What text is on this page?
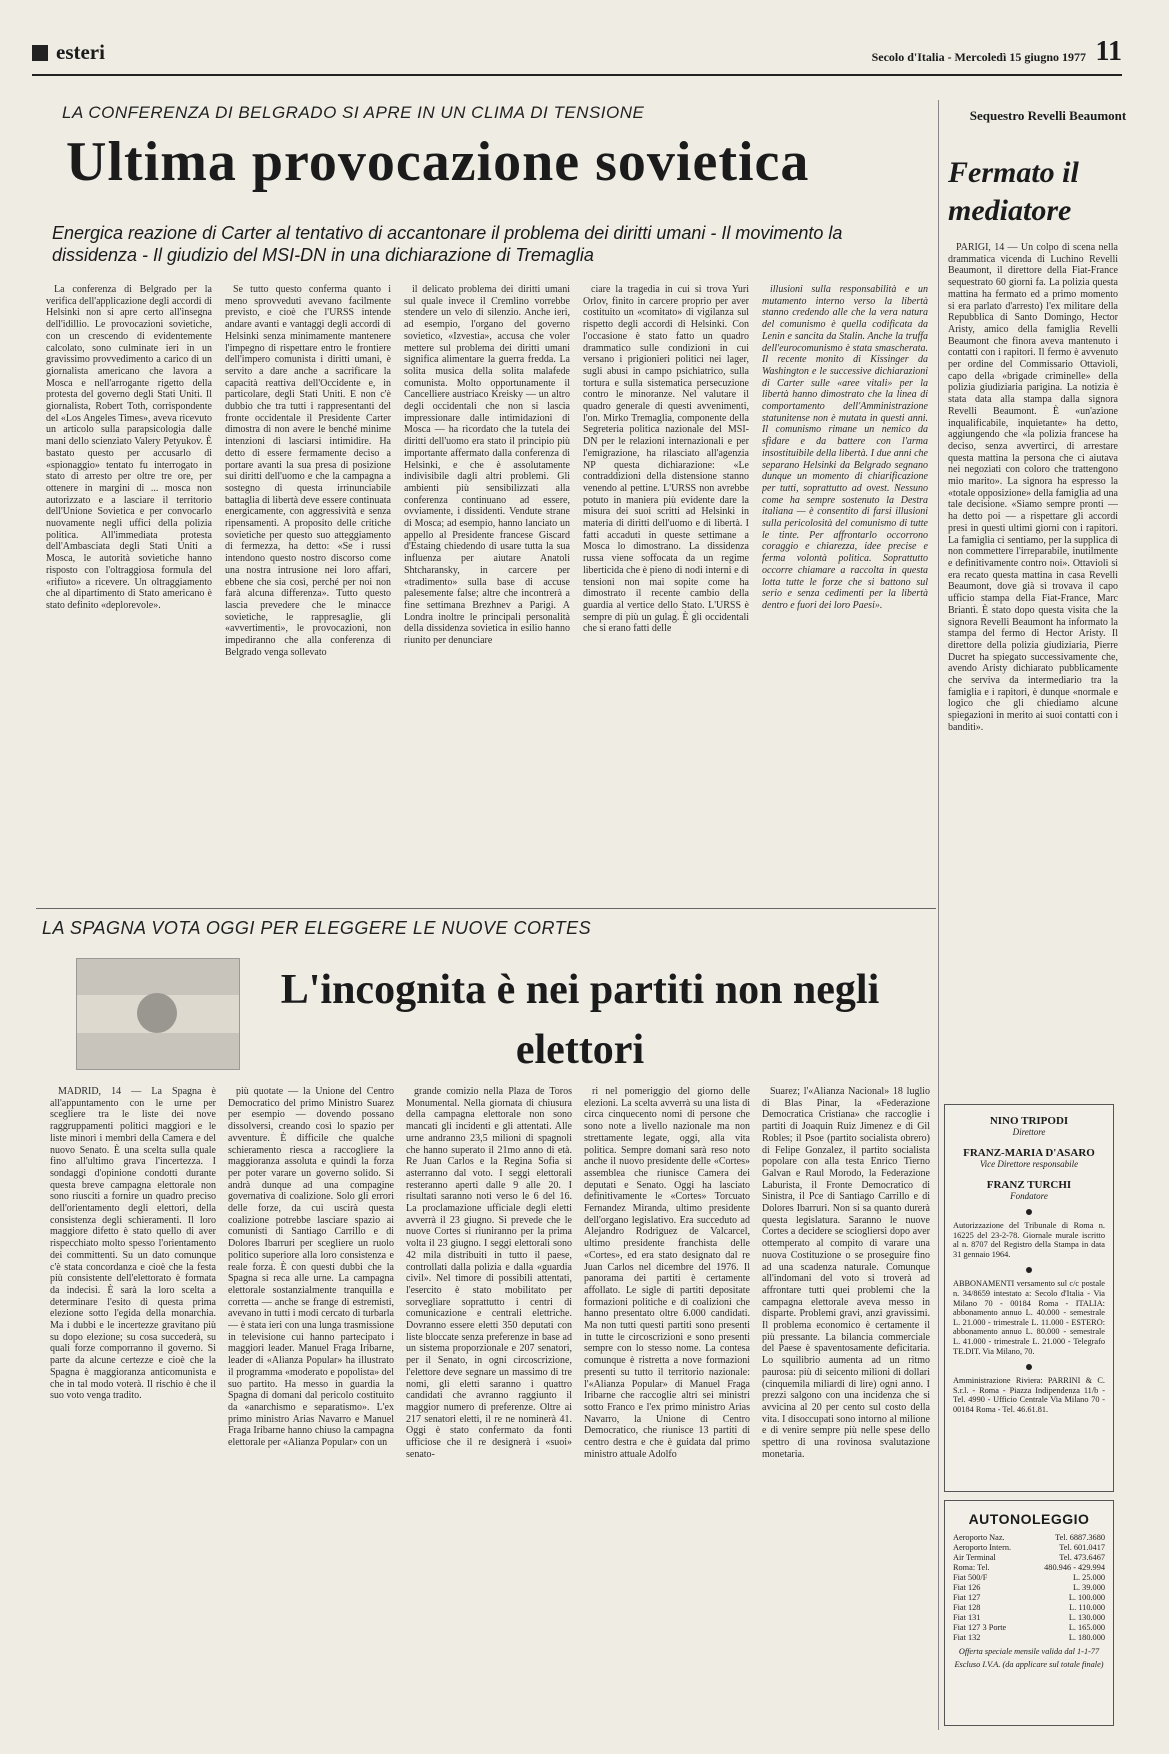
esteri	Secolo d'Italia - Mercoledì 15 giugno 1977 11
LA CONFERENZA DI BELGRADO SI APRE IN UN CLIMA DI TENSIONE
Ultima provocazione sovietica
Energica reazione di Carter al tentativo di accantonare il problema dei diritti umani - Il movimento la dissidenza - Il giudizio del MSI-DN in una dichiarazione di Tremaglia

La conferenza di Belgrado per la verifica dell'applicazione degli accordi di Helsinki non si apre certo all'insegna dell'idillio. Le provocazioni sovietiche, con un crescendo di evidentemente calcolato, sono culminate ieri in un gravissimo provvedimento a carico di un giornalista americano che lavora a Mosca e nell'arrogante rigetto della protesta del governo degli Stati Uniti. Il giornalista, Robert Toth, corrispondente del «Los Angeles Times», aveva ricevuto un articolo sulla parapsicologia dalle mani dello scienziato Valery Petyukov. È bastato questo per accusarlo di «spionaggio» tentato fu interrogato in stato di arresto per oltre tre ore, per ottenere in margini di ... mosca non autorizzato e a lasciare il territorio dell'Unione Sovietica e per convocarlo nuovamente negli uffici della polizia politica. All'immediata protesta dell'Ambasciata degli Stati Uniti a Mosca, le autorità sovietiche hanno risposto con l'oltraggiosa formula del «rifiuto» a ricevere. Un oltraggiamento che al dipartimento di Stato americano è stato definito «deplorevole».

Se tutto questo conferma quanto i meno sprovveduti avevano facilmente previsto, e cioè che l'URSS intende andare avanti e vantaggi degli accordi di Helsinki senza minimamente mantenere l'impegno di rispettare entro le frontiere dell'impero comunista i diritti umani, è servito a dare anche a sacrificare la capacità reattiva dell'Occidente e, in particolare, degli Stati Uniti. E non c'è dubbio che tra tutti i rappresentanti del fronte occidentale il Presidente Carter dimostra di non avere le benché minime intenzioni di lasciarsi intimidire. Ha detto di essere fermamente deciso a portare avanti la sua presa di posizione sui diritti dell'uomo e che la campagna a sostegno di questa irrinunciabile battaglia di libertà deve essere continuata energicamente, con aggressività e senza ripensamenti. A proposito delle critiche sovietiche per questo suo atteggiamento di fermezza, ha detto: «Se i russi intendono questo nostro discorso come una nostra intrusione nei loro affari, ebbene che sia così, perché per noi non farà alcuna differenza». Tutto questo lascia prevedere che le minacce sovietiche, le rappresaglie, gli «avvertimenti», le provocazioni, non impediranno che alla conferenza di Belgrado venga sollevato

il delicato problema dei diritti umani sul quale invece il Cremlino vorrebbe stendere un velo di silenzio. Anche ieri, ad esempio, l'organo del governo sovietico, «Izvestia», accusa che voler mettere sul problema dei diritti umani significa alimentare la guerra fredda. La solita musica della solita malafede comunista. Molto opportunamente il Cancelliere austriaco Kreisky — un altro degli occidentali che non si lascia impressionare dalle intimidazioni di Mosca — ha ricordato che la tutela dei diritti dell'uomo era stato il principio più importante affermato dalla conferenza di Helsinki, e che è assolutamente indivisibile dagli altri problemi. Gli ambienti più sensibilizzati alla conferenza continuano ad essere, ovviamente, i dissidenti. Vendute strane di Mosca; ad esempio, hanno lanciato un appello al Presidente francese Giscard d'Estaing chiedendo di usare tutta la sua influenza per aiutare Anatoli Shtcharansky, in carcere per «tradimento» sulla base di accuse palesemente false; altre che incontrerà a fine settimana Brezhnev a Parigi. A Londra inoltre le principali personalità della dissidenza sovietica in esilio hanno riunito per denunciare

ciare la tragedia in cui si trova Yuri Orlov, finito in carcere proprio per aver costituito un «comitato» di vigilanza sul rispetto degli accordi di Helsinki. Con l'occasione è stato fatto un quadro drammatico sulle condizioni in cui versano i prigionieri politici nei lager, sugli abusi in campo psichiatrico, sulla tortura e sulla sistematica persecuzione contro le minoranze. Nel valutare il quadro generale di questi avvenimenti, l'on. Mirko Tremaglia, componente della Segreteria politica nazionale del MSI-DN per le relazioni internazionali e per l'emigrazione, ha rilasciato all'agenzia NP questa dichiarazione: «Le contraddizioni della distensione stanno venendo al pettine. L'URSS non avrebbe potuto in maniera più evidente dare la misura dei suoi scritti ad Helsinki in materia di diritti dell'uomo e di libertà. I fatti accaduti in queste settimane a Mosca lo dimostrano. La dissidenza russa viene soffocata da un regime liberticida che è pieno di nodi interni e di tensioni non mai sopite come ha dimostrato il recente cambio della guardia al vertice dello Stato. L'URSS è sempre di più un gulag. È gli occidentali che si erano fatti delle

illusioni sulla responsabilità e un mutamento interno verso la libertà stanno credendo alle che la vera natura del comunismo è quella codificata da Lenin e sancita da Stalin. Anche la truffa dell'eurocomunismo è stata smascherata. Il recente monito di Kissinger da Washington e le successive dichiarazioni di Carter sulle «aree vitali» per la libertà hanno dimostrato che la linea di comportamento dell'Amministrazione statunitense non è mutata in questi anni. Il comunismo rimane un nemico da sfidare e da battere con l'arma insostituibile della libertà. I due anni che separano Helsinki da Belgrado segnano dunque un momento di chiarificazione per tutti, soprattutto ad ovest. Nessuno come ha sempre sostenuto la Destra italiana — è consentito di farsi illusioni sulla pericolosità del comunismo di tutte le tinte. Per affrontarlo occorrono coraggio e chiarezza, idee precise e ferma volontà politica. Soprattutto occorre chiamare a raccolta in questa lotta tutte le forze che si battono sul serio e senza cedimenti per la libertà dentro e fuori dei loro Paesi».

Sequestro Revelli Beaumont
Fermato il mediatore

PARIGI, 14 — Un colpo di scena nella drammatica vicenda di Luchino Revelli Beaumont, il direttore della Fiat-France sequestrato 60 giorni fa. La polizia questa mattina ha fermato ed a primo momento si era parlato d'arresto) l'ex militare della Repubblica di Santo Domingo, Hector Aristy, amico della famiglia Revelli Beaumont che finora aveva mantenuto i contatti con i rapitori. Il fermo è avvenuto per ordine del Commissario Ottavioli, capo della «brigade criminelle» della polizia giudiziaria parigina. La notizia è stata data alla stampa dalla signora Revelli Beaumont. È «un'azione inqualificabile, inquietante» ha detto, aggiungendo che «la polizia francese ha deciso, senza avvertirci, di arrestare questa mattina la persona che ci aiutava nei negoziati con coloro che trattengono mio marito». La signora ha espresso la «totale opposizione» della famiglia ad una tale decisione. «Siamo sempre pronti — ha detto poi — a rispettare gli accordi presi in questi ultimi giorni con i rapitori. La famiglia ci sentiamo, per la supplica di non commettere l'irreparabile, inutilmente e definitivamente contro noi». Ottavioli si era recato questa mattina in casa Revelli Beaumont, dove già si trovava il capo ufficio stampa della Fiat-France, Marc Briantì. È stato dopo questa visita che la signora Revelli Beaumont ha informato la stampa del fermo di Hector Aristy. Il direttore della polizia giudiziaria, Pierre Ducret ha spiegato successivamente che, avendo Aristy dichiarato pubblicamente che serviva da intermediario tra la famiglia e i rapitori, è dunque «normale e logico che gli chiediamo alcune spiegazioni in merito ai suoi contatti con i banditi».

LA SPAGNA VOTA OGGI PER ELEGGERE LE NUOVE CORTES
L'incognita è nei partiti non negli elettori

MADRID, 14 — La Spagna è all'appuntamento con le urne per scegliere tra le liste dei nove raggruppamenti politici maggiori e le liste minori i membri della Camera e del nuovo Senato. È una scelta sulla quale fino all'ultimo grava l'incertezza. I sondaggi d'opinione condotti durante questa breve campagna elettorale non sono riusciti a fornire un quadro preciso dell'orientamento degli elettori, della consistenza degli schieramenti. Il loro maggiore difetto è stato quello di aver rispecchiato molto spesso l'orientamento dei committenti. Su un dato comunque c'è stata concordanza e cioè che la festa più consistente dell'elettorato è formata da indecisi. È sarà la loro scelta a determinare l'esito di questa prima elezione sotto l'egida della monarchia. Ma i dubbi e le incertezze gravitano più su dopo elezione; su cosa succederà, su quali forze comporranno il governo. Si parte da alcune certezze e cioè che la Spagna è maggioranza anticomunista e che in tal modo voterà. Il rischio è che il suo voto venga tradito.

più quotate — la Unione del Centro Democratico del primo Ministro Suarez per esempio — dovendo possano dissolversi, creando così lo spazio per avventure. È difficile che qualche schieramento riesca a raccogliere la maggioranza assoluta e quindi la forza per poter varare un governo solido. Si andrà dunque ad una compagine governativa di coalizione. Solo gli errori delle forze, da cui uscirà questa coalizione potrebbe lasciare spazio ai comunisti di Santiago Carrillo e di Dolores Ibarruri per scegliere un ruolo politico superiore alla loro consistenza e reale forza. È con questi dubbi che la Spagna si reca alle urne. La campagna elettorale sostanzialmente tranquilla e corretta — anche se frange di estremisti, avevano in tutti i modi cercato di turbarla — è stata ieri con una lunga trasmissione in televisione cui hanno partecipato i maggiori leader. Manuel Fraga Iribarne, leader di «Alianza Popular» ha illustrato il programma «moderato e popolista» del suo partito. Ha messo in guardia la Spagna di domani dal pericolo costituito da «anarchismo e separatismo». L'ex primo ministro Arias Navarro e Manuel Fraga Iribarne hanno chiuso la campagna elettorale per «Alianza Popular» con un

grande comizio nella Plaza de Toros Monumental. Nella giornata di chiusura della campagna elettorale non sono mancati gli incidenti e gli attentati. Alle urne andranno 23,5 milioni di spagnoli che hanno superato il 21mo anno di età. Re Juan Carlos e la Regina Sofia si asterranno dal voto. I seggi elettorali resteranno aperti dalle 9 alle 20. I risultati saranno noti verso le 6 del 16. La proclamazione ufficiale degli eletti avverrà il 23 giugno. Si prevede che le nuove Cortes si riuniranno per la prima volta il 23 giugno. I seggi elettorali sono 42 mila distribuiti in tutto il paese, controllati dalla polizia e dalla «guardia civil». Nel timore di possibili attentati, l'esercito è stato mobilitato per sorvegliare soprattutto i centri di comunicazione e centrali elettriche. Dovranno essere eletti 350 deputati con liste bloccate senza preferenze in base ad un sistema proporzionale e 207 senatori, per il Senato, in ogni circoscrizione, l'elettore deve segnare un massimo di tre nomi, gli eletti saranno i quattro candidati che avranno raggiunto il maggior numero di preferenze. Oltre ai 217 senatori eletti, il re ne nominerà 41. Oggi è stato confermato da fonti ufficiose che il re designerà i «suoi» senato-

ri nel pomeriggio del giorno delle elezioni. La scelta avverrà su una lista di circa cinquecento nomi di persone che sono note a livello nazionale ma non strettamente legate, oggi, alla vita politica. Sempre domani sarà reso noto anche il nuovo presidente delle «Cortes» assemblea che riunisce Camera dei deputati e Senato. Oggi ha lasciato definitivamente le «Cortes» Torcuato Fernandez Miranda, ultimo presidente dell'organo legislativo. Era succeduto ad Alejandro Rodriguez de Valcarcel, ultimo presidente franchista delle «Cortes», ed era stato designato dal re Juan Carlos nel dicembre del 1976. Il panorama dei partiti è certamente affollato. Le sigle di partiti depositate formazioni politiche e di coalizioni che hanno presentato oltre 6.000 candidati. Ma non tutti questi partiti sono presenti in tutte le circoscrizioni e sono presenti sempre con lo stesso nome. La contesa comunque è ristretta a nove formazioni presenti su tutto il territorio nazionale: l'«Alianza Popular» di Manuel Fraga Iribarne che raccoglie altri sei ministri sotto Franco e l'ex primo ministro Arias Navarro, la Unione di Centro Democratico, che riunisce 13 partiti di centro destra e che è guidata dal primo ministro attuale Adolfo

Suarez; l'«Alianza Nacional» 18 luglio di Blas Pinar, la «Federazione Democratica Cristiana» che raccoglie i partiti di Joaquin Ruiz Jimenez e di Gil Robles; il Psoe (partito socialista obrero) di Felipe Gonzalez, il partito socialista popolare con alla testa Enrico Tierno Galvan e Raul Morodo, la Federazione Laburista, il Fronte Democratico di Sinistra, il Pce di Santiago Carrillo e di Dolores Ibarruri. Non si sa quanto durerà questa legislatura. Saranno le nuove Cortes a decidere se sciogliersi dopo aver ottemperato al compito di varare una nuova Costituzione o se proseguire fino ad una scadenza naturale. Comunque all'indomani del voto si troverà ad affrontare tutti quei problemi che la campagna elettorale aveva messo in disparte. Problemi gravi, anzi gravissimi. Il problema economico è certamente il più pressante. La bilancia commerciale del Paese è spaventosamente deficitaria. Lo squilibrio aumenta ad un ritmo paurosa: più di seicento milioni di dollari (cinquemila miliardi di lire) ogni anno. I prezzi salgono con una incidenza che si avvicina al 20 per cento sul costo della vita. I disoccupati sono intorno al milione e di venire sempre più nelle spese dello spettro di una rovinosa svalutazione monetaria.

NINO TRIPODI
Direttore
FRANZ-MARIA D'ASARO
Vice Direttore responsabile
FRANZ TURCHI
Fondatore
Autorizzazione del Tribunale di Roma n. 16225 del 23-2-78. Giornale murale iscritto al n. 8707 del Registro della Stampa in data 31 gennaio 1964.
ABBONAMENTI versamento sul c/c postale n. 34/8659 intestato a: Secolo d'Italia - Via Milano 70 - 00184 Roma - ITALIA: abbonamento annuo L. 40.000 - semestrale L. 21.000 - trimestrale L. 11.000 - ESTERO: abbonamento annuo L. 80.000 - semestrale L. 41.000 - trimestrale L. 21.000 - Telegrafo TE.DIT. Via Milano, 70.
Amministrazione Riviera: PARRINI & C. S.r.l. - Roma - Piazza Indipendenza 11/b - Tel. 4990 - Ufficio Centrale Via Milano 70 - 00184 Roma - Tel. 46.61.81.
AUTONOLEGGIO
Aeroporto Naz.	Tel. 6887.3680
Aeroporto Intern.	Tel. 601.0417
Air Terminal	Tel. 473.6467
Roma: Tel.	480.946 - 429.994
Fiat 500/F	L. 25.000
Fiat 126	L. 39.000
Fiat 127	L. 100.000
Fiat 128	L. 110.000
Fiat 131	L. 130.000
Fiat 127 3 Porte	L. 165.000
Fiat 132	L. 180.000
Offerta speciale mensile valida dal 1-1-77
Escluso I.V.A. (da applicare sul totale finale)
